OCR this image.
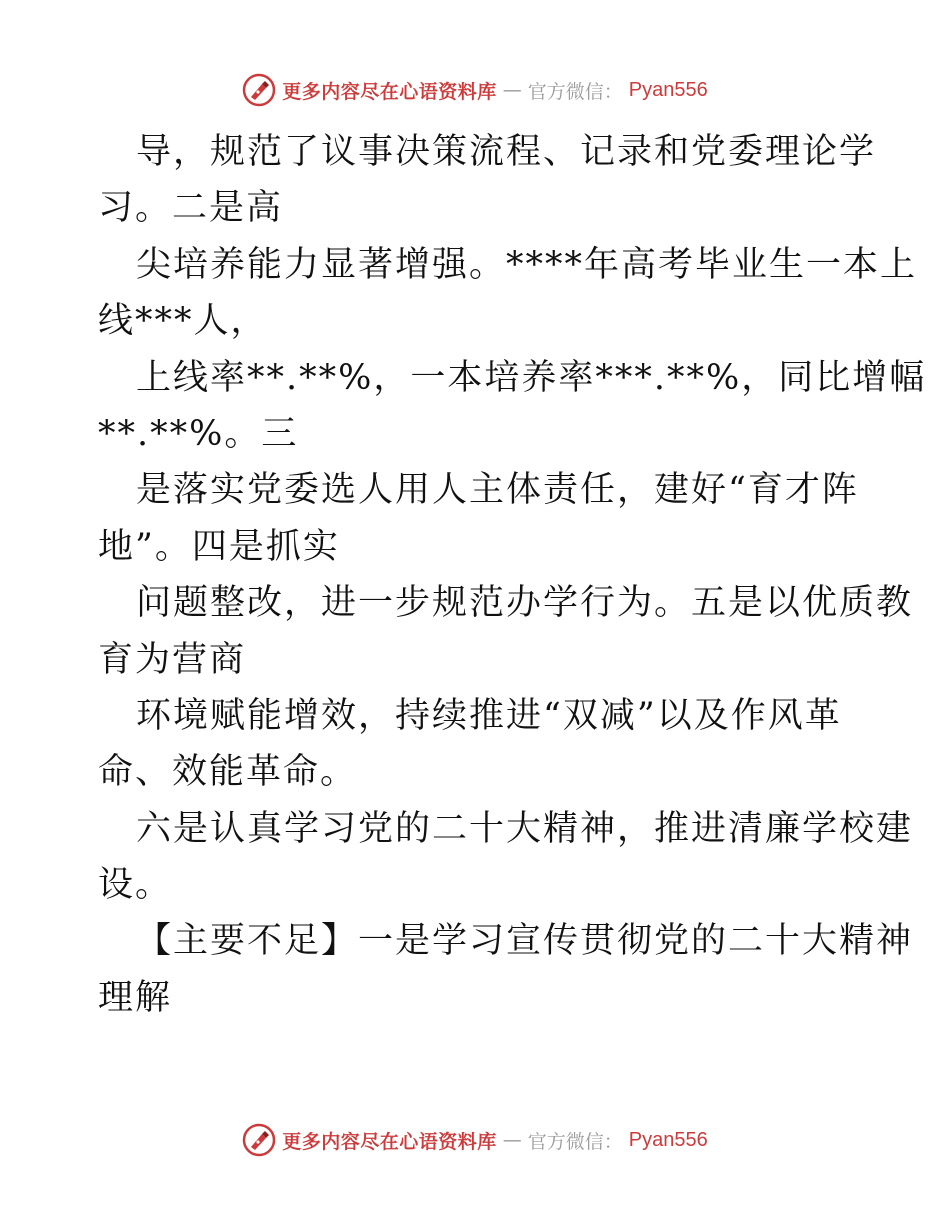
更多内容尽在心语资料库 — 官方微信： Pyan556
导，规范了议事决策流程、记录和党委理论学
习。二是高
尖培养能力显著增强。****年高考毕业生一本上
线***人，
上线率**.**%，一本培养率***.**%，同比增幅
**.**%。三
是落实党委选人用人主体责任，建好“育才阵
地”。四是抓实
问题整改，进一步规范办学行为。五是以优质教
育为营商
环境赋能增效，持续推进“双减”以及作风革
命、效能革命。
六是认真学习党的二十大精神，推进清廉学校建
设。
【主要不足】一是学习宣传贯彻党的二十大精神
理解
更多内容尽在心语资料库 — 官方微信： Pyan556
